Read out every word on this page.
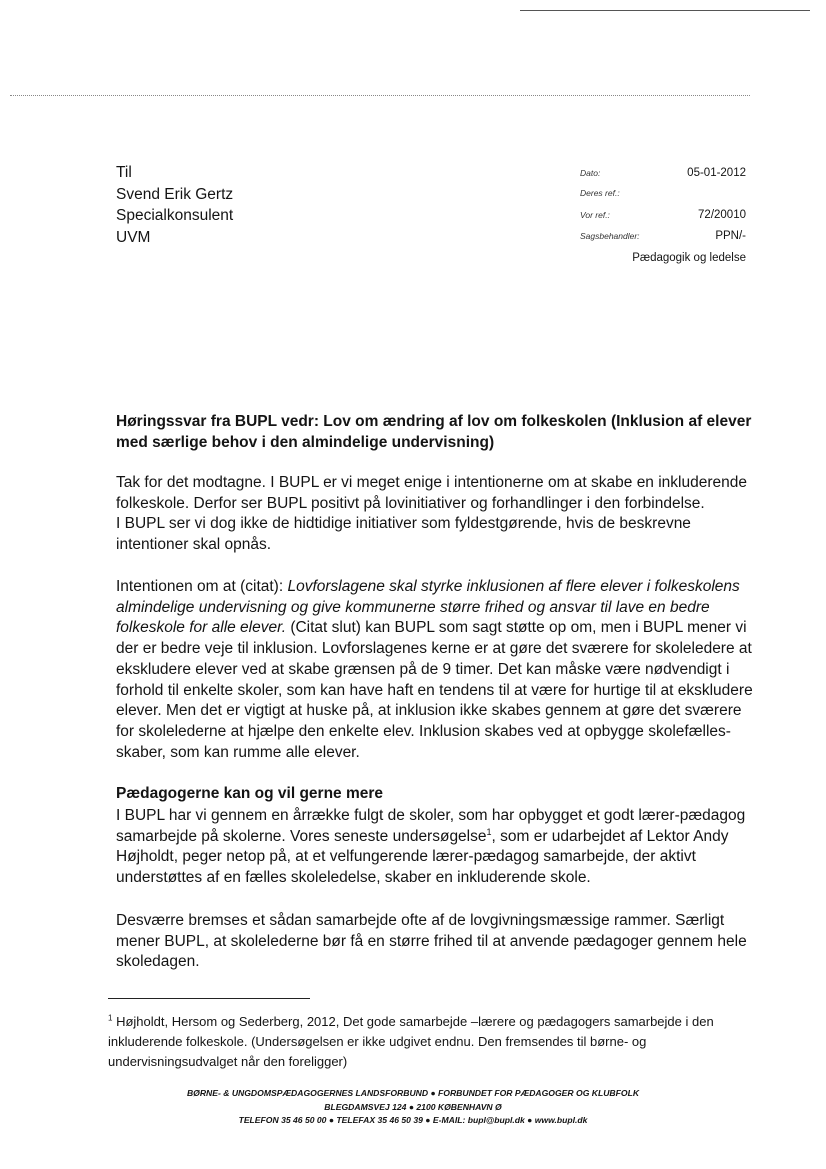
Til
Svend Erik Gertz
Specialkonsulent
UVM
Dato:	05-01-2012
Deres ref.:
Vor ref.:	72/20010
Sagsbehandler:	PPN/-
Pædagogik og ledelse
Høringssvar fra BUPL vedr: Lov om ændring af lov om folkeskolen (Inklusion af elever med særlige behov i den almindelige undervisning)
Tak for det modtagne. I BUPL er vi meget enige i intentionerne om at skabe en inkluderende folkeskole. Derfor ser BUPL positivt på lovinitiativer og forhandlinger i den forbindelse.
I BUPL ser vi dog ikke de hidtidige initiativer som fyldestgørende, hvis de beskrevne intentioner skal opnås.
Intentionen om at (citat): Lovforslagene skal styrke inklusionen af flere elever i folkeskolens almindelige undervisning og give kommunerne større frihed og ansvar til lave en bedre folkeskole for alle elever. (Citat slut) kan BUPL som sagt støtte op om, men i BUPL mener vi der er bedre veje til inklusion. Lovforslagenes kerne er at gøre det sværere for skoleledere at ekskludere elever ved at skabe grænsen på de 9 timer. Det kan måske være nødvendigt i forhold til enkelte skoler, som kan have haft en tendens til at være for hurtige til at ekskludere elever. Men det er vigtigt at huske på, at inklusion ikke skabes gennem at gøre det sværere for skolelederne at hjælpe den enkelte elev. Inklusion skabes ved at opbygge skolefælles-skaber, som kan rumme alle elever.
Pædagogerne kan og vil gerne mere
I BUPL har vi gennem en årrække fulgt de skoler, som har opbygget et godt lærer-pædagog samarbejde på skolerne. Vores seneste undersøgelse$^1$, som er udarbejdet af Lektor Andy Højholdt, peger netop på, at et velfungerende lærer-pædagog samarbejde, der aktivt understøttes af en fælles skoleledelse, skaber en inkluderende skole.
Desværre bremses et sådan samarbejde ofte af de lovgivningsmæssige rammer. Særligt mener BUPL, at skolelederne bør få en større frihed til at anvende pædagoger gennem hele skoledagen.
$^1$ Højholdt, Hersom og Sederberg, 2012, Det gode samarbejde –lærere og pædagogers samarbejde i den inkluderende folkeskole. (Undersøgelsen er ikke udgivet endnu. Den fremsendes til børne- og undervisningsudvalget når den foreligger)
BØRNE- & UNGDOMSPÆDAGOGERNES LANDSFORBUND ● FORBUNDET FOR PÆDAGOGER OG KLUBFOLK
BLEGDAMSVEJ 124 ● 2100 KØBENHAVN Ø
TELEFON 35 46 50 00 ● TELEFAX 35 46 50 39 ● E-MAIL: bupl@bupl.dk ● www.bupl.dk
